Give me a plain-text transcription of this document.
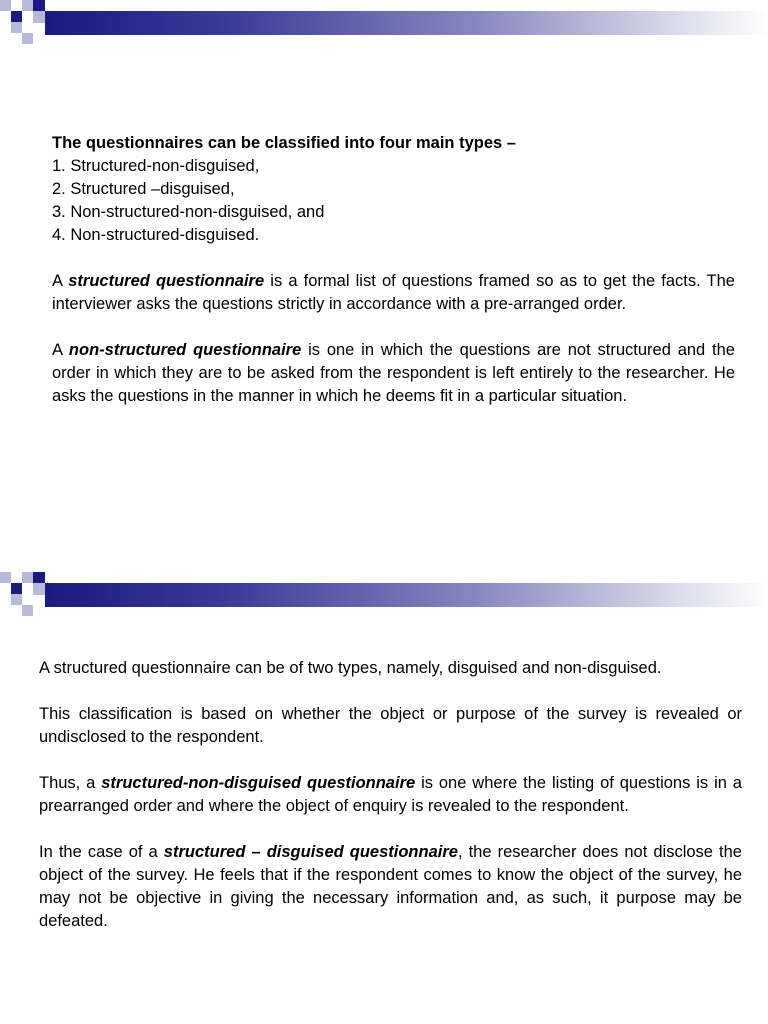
The questionnaires can be classified into four main types –
1. Structured-non-disguised,
2. Structured –disguised,
3. Non-structured-non-disguised, and
4. Non-structured-disguised.
A structured questionnaire is a formal list of questions framed so as to get the facts. The interviewer asks the questions strictly in accordance with a pre-arranged order.
A non-structured questionnaire is one in which the questions are not structured and the order in which they are to be asked from the respondent is left entirely to the researcher. He asks the questions in the manner in which he deems fit in a particular situation.
A structured questionnaire can be of two types, namely, disguised and non-disguised.
This classification is based on whether the object or purpose of the survey is revealed or undisclosed to the respondent.
Thus, a structured-non-disguised questionnaire is one where the listing of questions is in a prearranged order and where the object of enquiry is revealed to the respondent.
In the case of a structured – disguised questionnaire, the researcher does not disclose the object of the survey. He feels that if the respondent comes to know the object of the survey, he may not be objective in giving the necessary information and, as such, it purpose may be defeated.
